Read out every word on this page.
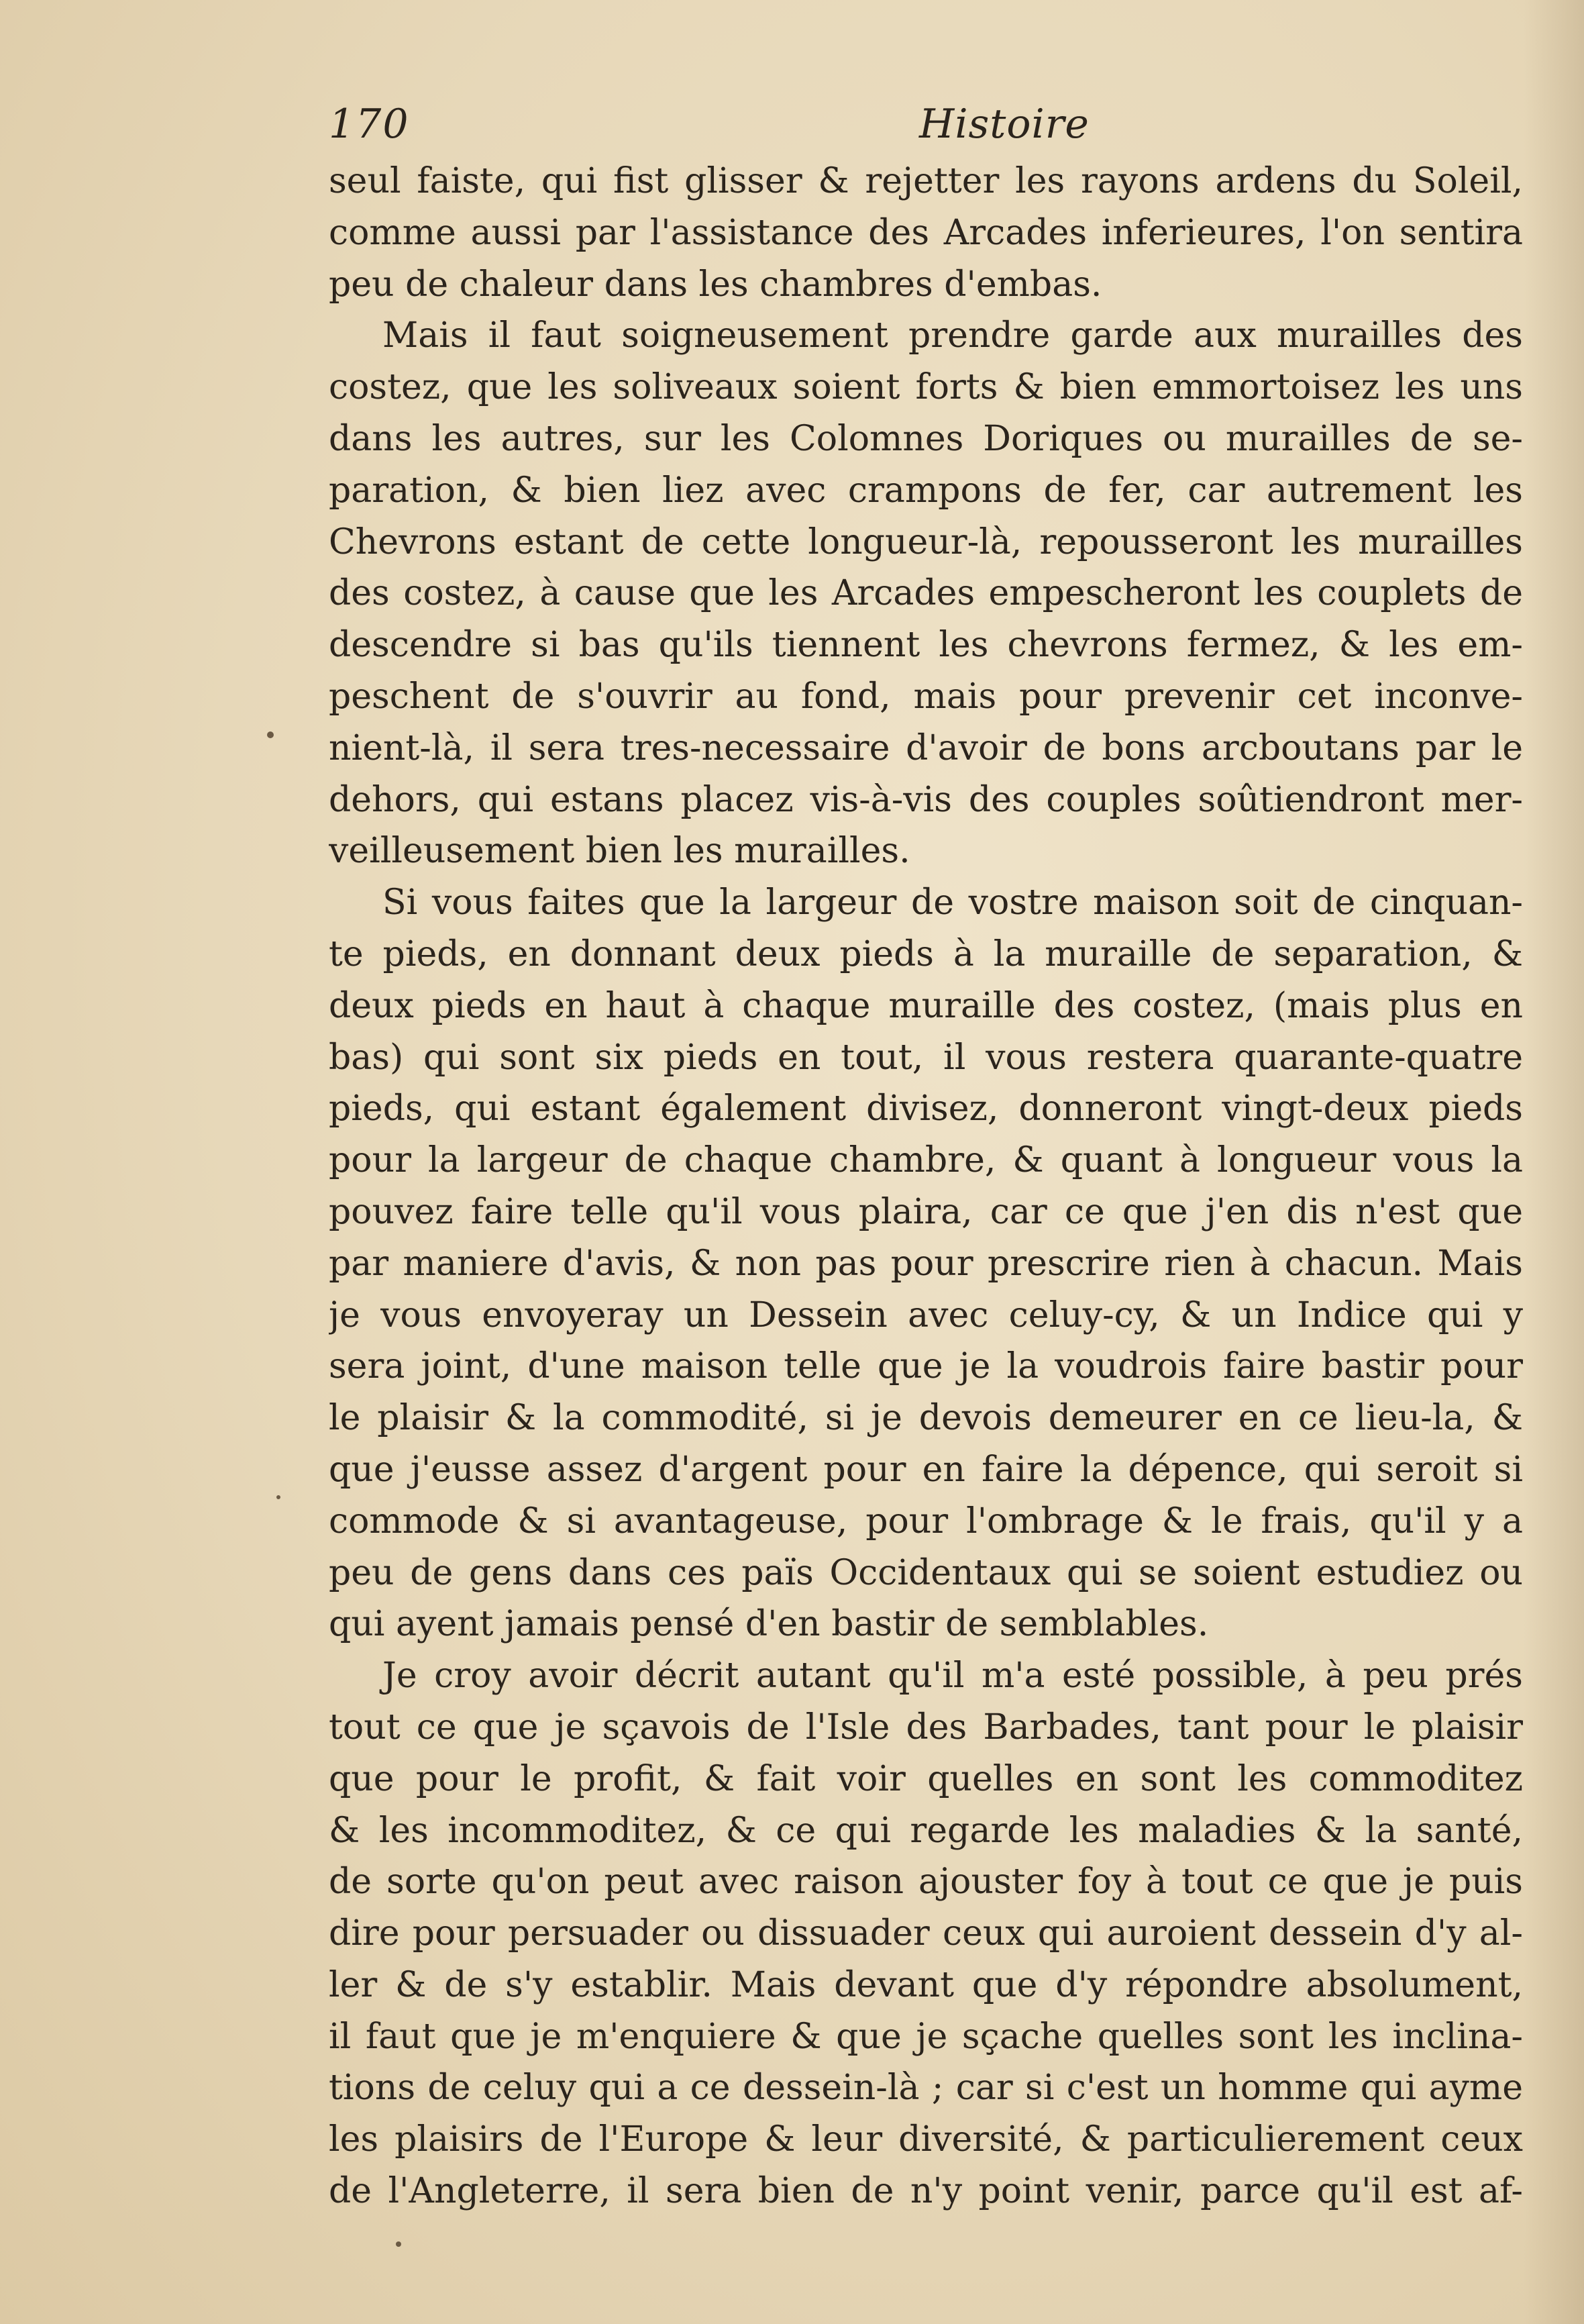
170	Histoire
seul faiste, qui fist glisser & rejetter les rayons ardens du Soleil,
comme aussi par l'assistance des Arcades inferieures, l'on sentira
peu de chaleur dans les chambres d'embas.
Mais il faut soigneusement prendre garde aux murailles des
costez, que les soliveaux soient forts & bien emmortoisez les uns
dans les autres, sur les Colomnes Doriques ou murailles de se-
paration, & bien liez avec crampons de fer, car autrement les
Chevrons estant de cette longueur-là, repousseront les murailles
des costez, à cause que les Arcades empescheront les couplets de
descendre si bas qu'ils tiennent les chevrons fermez, & les em-
peschent de s'ouvrir au fond, mais pour prevenir cet inconve-
nient-là, il sera tres-necessaire d'avoir de bons arcboutans par le
dehors, qui estans placez vis-à-vis des couples soûtiendront mer-
veilleusement bien les murailles.
Si vous faites que la largeur de vostre maison soit de cinquan-
te pieds, en donnant deux pieds à la muraille de separation, &
deux pieds en haut à chaque muraille des costez, (mais plus en
bas) qui sont six pieds en tout, il vous restera quarante-quatre
pieds, qui estant également divisez, donneront vingt-deux pieds
pour la largeur de chaque chambre, & quant à longueur vous la
pouvez faire telle qu'il vous plaira, car ce que j'en dis n'est que
par maniere d'avis, & non pas pour prescrire rien à chacun. Mais
je vous envoyeray un Dessein avec celuy-cy, & un Indice qui y
sera joint, d'une maison telle que je la voudrois faire bastir pour
le plaisir & la commodité, si je devois demeurer en ce lieu-la, &
que j'eusse assez d'argent pour en faire la dépence, qui seroit si
commode & si avantageuse, pour l'ombrage & le frais, qu'il y a
peu de gens dans ces païs Occidentaux qui se soient estudiez ou
qui ayent jamais pensé d'en bastir de semblables.
Je croy avoir décrit autant qu'il m'a esté possible, à peu prés
tout ce que je sçavois de l'Isle des Barbades, tant pour le plaisir
que pour le profit, & fait voir quelles en sont les commoditez
& les incommoditez, & ce qui regarde les maladies & la santé,
de sorte qu'on peut avec raison ajouster foy à tout ce que je puis
dire pour persuader ou dissuader ceux qui auroient dessein d'y al-
ler & de s'y establir. Mais devant que d'y répondre absolument,
il faut que je m'enquiere & que je sçache quelles sont les inclina-
tions de celuy qui a ce dessein-là ; car si c'est un homme qui ayme
les plaisirs de l'Europe & leur diversité, & particulierement ceux
de l'Angleterre, il sera bien de n'y point venir, parce qu'il est af-
